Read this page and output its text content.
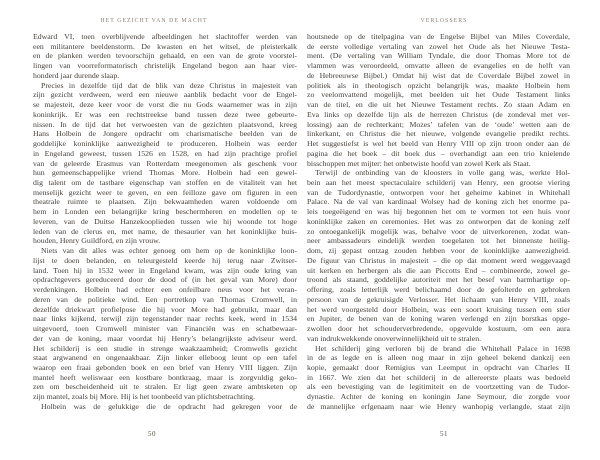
HET GEZICHT VAN DE MACHT
Edward VI, toen overblijvende afbeeldingen het slachtoffer werden van
een militantere beeldenstorm. De kwasten en het witsel, de pleisterkalk
en de planken werden tevoorschijn gehaald, en een van de grote voorstel-
lingen van voorreformatorisch christelijk Engeland begon aan haar vier-
honderd jaar durende slaap.
Precies in dezelfde tijd dat de blik van deze Christus in majesteit van
zijn gezicht verdween, werd een nieuwe aanblik bedacht voor de Engel-
se majesteit, deze keer voor de vorst die nu Gods waarnemer was in zijn
koninkrijk. Er was een rechtstreekse band tussen deze twee gebeurte-
nissen. In de tijd dat het verwoesten van de gezichten plaatsvond, kreeg
Hans Holbein de Jongere opdracht om charismatische beelden van de
goddelijke koninklijke aanwezigheid te produceren. Holbein was eerder
in Engeland geweest, tussen 1526 en 1528, en had zijn prachtige profiel
van de geleerde Erasmus van Rotterdam meegenomen als geschenk voor
hun gemeenschappelijke vriend Thomas More. Holbein had een gewel-
dig talent om de tastbare eigenschap van stoffen en de vitaliteit van het
menselijk gezicht weer te geven, en een feilloze gave om figuren in een
theatrale ruimte te plaatsen. Zijn bekwaamheden waren voldoende om
hem in Londen een belangrijke kring beschermheren en modellen op te
leveren, van de Duitse Hanzekooplieden tussen wie hij woonde tot hoge
leden van de clerus en, met name, de thesaurier van het koninklijke huis-
houden, Henry Guildford, en zijn vrouw.
Niets van dit alles was echter genoeg om hem op de koninklijke loon-
lijst te doen belanden, en teleurgesteld keerde hij terug naar Zwitser-
land. Toen hij in 1532 weer in Engeland kwam, was zijn oude kring van
opdrachtgevers gereduceerd door de dood of (in het geval van More) door
verdenkingen. Holbein had echter een onfeilbare neus voor het veran-
deren van de politieke wind. Een portretkop van Thomas Cromwell, in
dezelfde driekwart profielpose die hij voor More had gebruikt, maar dan
naar links kijkend, terwijl zijn tegenstander naar rechts keek, werd in 1534
uitgevoerd, toen Cromwell minister van Financiën was en schatbewaar-
der van de koning, maar voordat hij Henry’s belangrijkste adviseur werd.
Het schilderij is een studie in strenge waakzaamheid; Cromwells gezicht
staat argwanend en ongenaakbaar. Zijn linker elleboog leunt op een tafel
waarop een fraai gebonden boek en een brief van Henry VIII liggen. Zijn
mantel heeft weliswaar een kostbare bontkraag, maar is zorgvuldig geko-
zen om bescheidenheid uit te stralen. Er ligt geen zware ambtsketen op
zijn mantel, zoals bij More. Hij is het toonbeeld van plichtsbetrachting.
Holbein was de gelukkige die de opdracht had gekregen voor de
50
VERLOSSERS
houtsnede op de titelpagina van de Engelse Bijbel van Miles Coverdale,
de eerste volledige vertaling van zowel het Oude als het Nieuwe Testa-
ment. (De vertaling van William Tyndale, die door Thomas More tot de
vlammen was veroordeeld, omvatte alleen de evangelies en de helft van
de Hebreeuwse Bijbel.) Omdat hij wist dat de Coverdale Bijbel zowel in
politiek als in theologisch opzicht belangrijk was, maakte Holbein hem
zo veelomvattend mogelijk, met beelden uit het Oude Testament links
van de titel, en die uit het Nieuwe Testament rechts. Zo staan Adam en
Eva links op dezelfde lijn als de herrezen Christus (de zondeval met ver-
lossing) aan de rechterkant; Mozes’ tafelen van de ‘oude’ wetten aan de
linkerkant, en Christus die het nieuwe, volgende evangelie predikt rechts.
Het suggestiefst is wel het beeld van Henry VIII op zijn troon onder aan de
pagina die het boek – dit boek dus – overhandigt aan een trio knielende
bisschoppen met mijter: het onbetwiste hoofd van zowel Kerk als Staat.
Terwijl de ontbinding van de kloosters in volle gang was, werkte Hol-
bein aan het meest spectaculaire schilderij van Henry, een grootse viering
van de Tudordynastie, ontworpen voor het geheime kabinet in Whitehall
Palace. Na de val van kardinaal Wolsey had de koning zich het enorme pa-
leis toegeëigend en was hij begonnen het om te vormen tot een huis voor
koninklijke zaken en ceremonies. Het was zo ontworpen dat de koning zelf
zo ontoegankelijk mogelijk was, behalve voor de uitverkorenen, zodat wan-
neer ambassadeurs eindelijk werden toegelaten tot het binnenste heilig-
dom, zij gepast ontzag zouden hebben voor de koninklijke aanwezigheid.
De figuur van Christus in majesteit – die op dat moment werd weggevaagd
uit kerken en herbergen als die aan Piccotts End – combineerde, zowel ge-
troond als staand, goddelijke autoriteit met het besef van barmhartige op-
offering, zoals letterlijk werd belichaamd door de gefolterde en gebroken
persoon van de gekruisigde Verlosser. Het lichaam van Henry VIII, zoals
het werd voorgesteld door Holbein, was een soort kruising tussen een stier
en Jupiter, de benen van de koning waren verlengd en zijn borstkas opge-
zwollen door het schouderverbredende, opgevulde kostuum, om een aura
van indrukwekkende onoverwinnelijkheid uit te stralen.
Het schilderij ging verloren bij de brand die Whitehall Palace in 1698
in de as legde en is alleen nog maar in zijn geheel bekend dankzij een
kopie, gemaakt door Remigius van Leemput in opdracht van Charles II
in 1667. We zien dat het schilderij in de allereerste plaats was bedoeld
als een bevestiging van de legitimiteit en de voortzetting van de Tudor-
dynastie. Achter de koning en koningin Jane Seymour, die zorgde voor
de mannelijke erfgenaam naar wie Henry wanhopig verlangde, staat zijn
51
